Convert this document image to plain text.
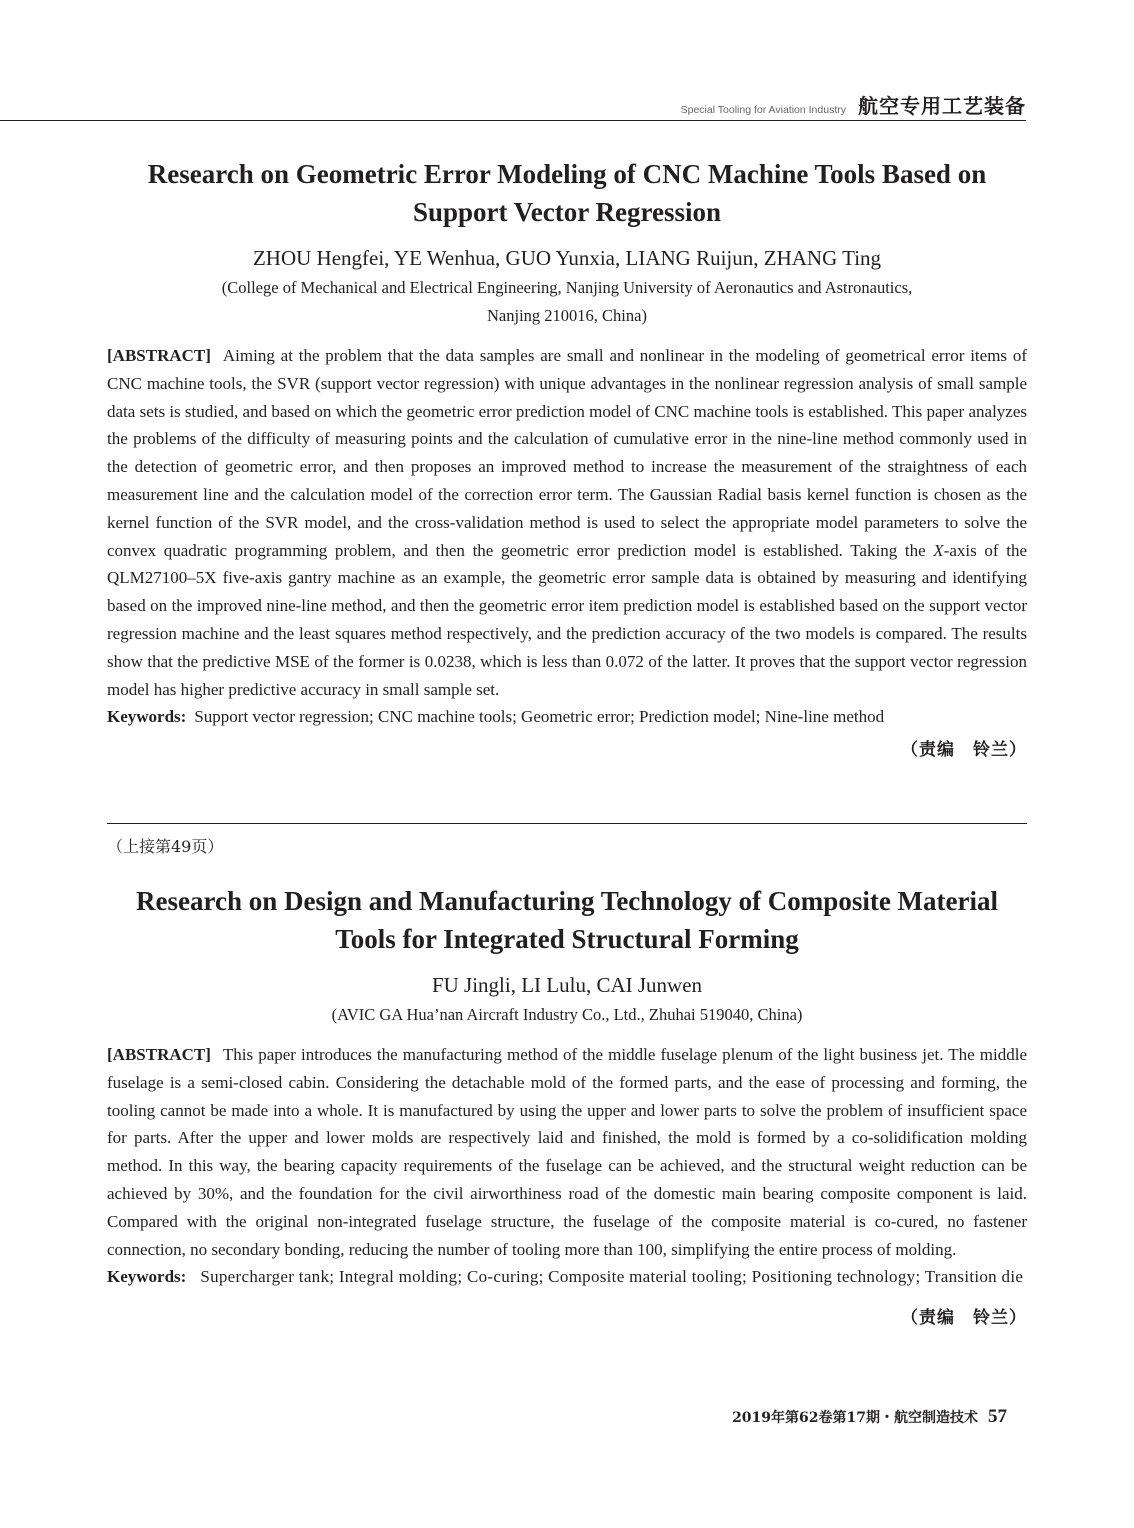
Special Tooling for Aviation Industry 航空专用工艺装备
Research on Geometric Error Modeling of CNC Machine Tools Based on Support Vector Regression
ZHOU Hengfei, YE Wenhua, GUO Yunxia, LIANG Ruijun, ZHANG Ting
(College of Mechanical and Electrical Engineering, Nanjing University of Aeronautics and Astronautics,
Nanjing 210016, China)

[ABSTRACT] Aiming at the problem that the data samples are small and nonlinear in the modeling of geometrical error items of CNC machine tools, the SVR (support vector regression) with unique advantages in the nonlinear regression analysis of small sample data sets is studied, and based on which the geometric error prediction model of CNC machine tools is established. This paper analyzes the problems of the difficulty of measuring points and the calculation of cumulative error in the nine-line method commonly used in the detection of geometric error, and then proposes an improved method to increase the measurement of the straightness of each measurement line and the calculation model of the correction error term. The Gaussian Radial basis kernel function is chosen as the kernel function of the SVR model, and the cross-validation method is used to select the appropriate model parameters to solve the convex quadratic programming problem, and then the geometric error prediction model is established. Taking the X-axis of the QLM27100–5X five-axis gantry machine as an example, the geometric error sample data is obtained by measuring and identifying based on the improved nine-line method, and then the geometric error item prediction model is established based on the support vector regression machine and the least squares method respectively, and the prediction accuracy of the two models is compared. The results show that the predictive MSE of the former is 0.0238, which is less than 0.072 of the latter. It proves that the support vector regression model has higher predictive accuracy in small sample set.

Keywords: Support vector regression; CNC machine tools; Geometric error; Prediction model; Nine-line method
（责编　铃兰）
（上接第49页）
Research on Design and Manufacturing Technology of Composite Material Tools for Integrated Structural Forming
FU Jingli, LI Lulu, CAI Junwen
(AVIC GA Hua’nan Aircraft Industry Co., Ltd., Zhuhai 519040, China)

[ABSTRACT] This paper introduces the manufacturing method of the middle fuselage plenum of the light business jet. The middle fuselage is a semi-closed cabin. Considering the detachable mold of the formed parts, and the ease of processing and forming, the tooling cannot be made into a whole. It is manufactured by using the upper and lower parts to solve the problem of insufficient space for parts. After the upper and lower molds are respectively laid and finished, the mold is formed by a co-solidification molding method. In this way, the bearing capacity requirements of the fuselage can be achieved, and the structural weight reduction can be achieved by 30%, and the foundation for the civil airworthiness road of the domestic main bearing composite component is laid. Compared with the original non-integrated fuselage structure, the fuselage of the composite material is co-cured, no fastener connection, no secondary bonding, reducing the number of tooling more than 100, simplifying the entire process of molding.

Keywords: Supercharger tank; Integral molding; Co-curing; Composite material tooling; Positioning technology; Transition die
（责编　铃兰）
2019年第62卷第17期・航空制造技术 57
